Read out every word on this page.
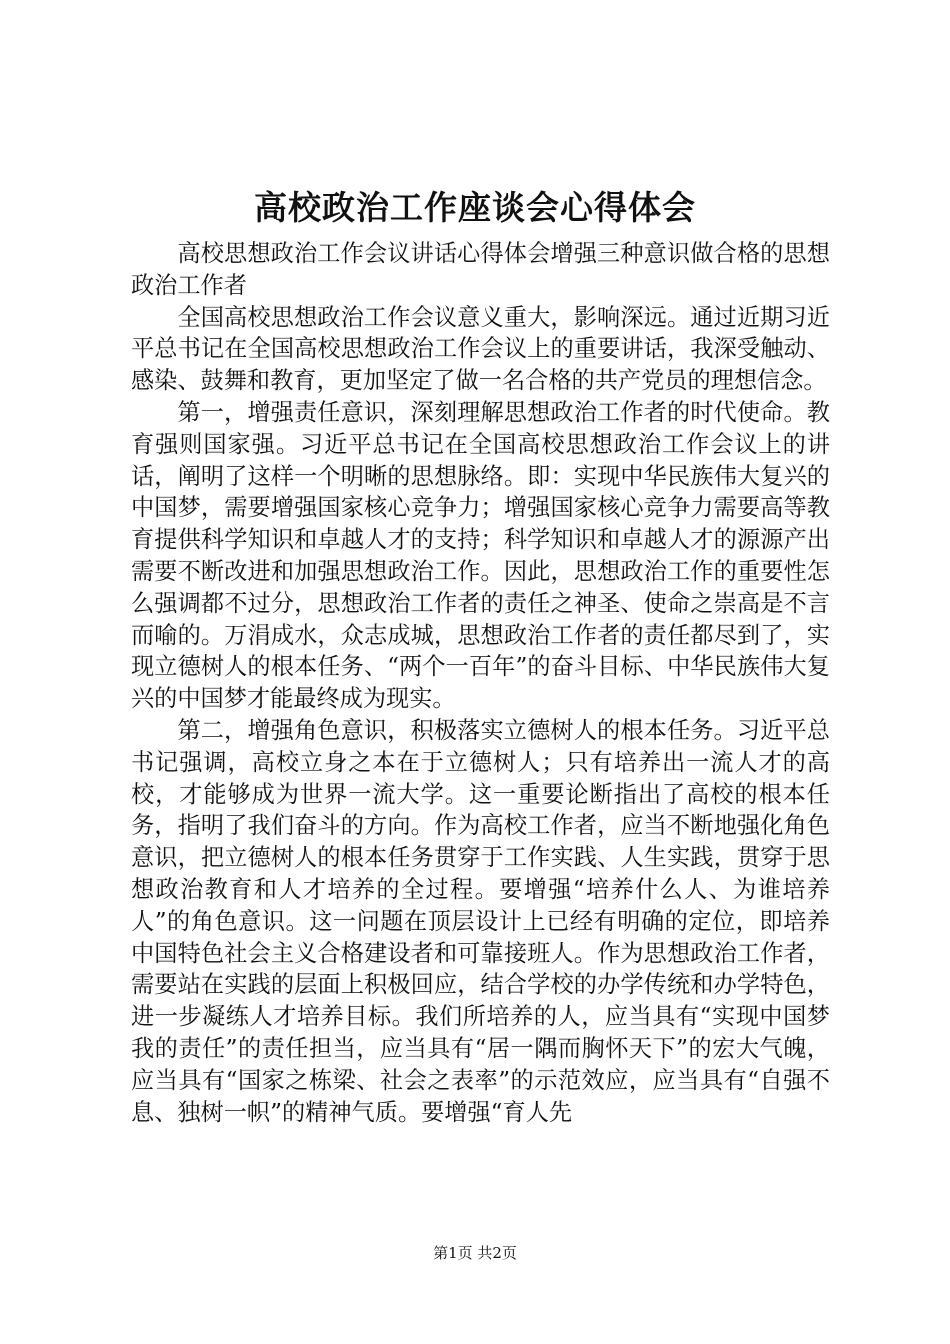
高校政治工作座谈会心得体会

高校思想政治工作会议讲话心得体会增强三种意识做合格的思想政治工作者

全国高校思想政治工作会议意义重大，影响深远。通过近期习近平总书记在全国高校思想政治工作会议上的重要讲话，我深受触动、感染、鼓舞和教育，更加坚定了做一名合格的共产党员的理想信念。

第一，增强责任意识，深刻理解思想政治工作者的时代使命。教育强则国家强。习近平总书记在全国高校思想政治工作会议上的讲话，阐明了这样一个明晰的思想脉络。即：实现中华民族伟大复兴的中国梦，需要增强国家核心竞争力；增强国家核心竞争力需要高等教育提供科学知识和卓越人才的支持；科学知识和卓越人才的源源产出需要不断改进和加强思想政治工作。因此，思想政治工作的重要性怎么强调都不过分，思想政治工作者的责任之神圣、使命之崇高是不言而喻的。万涓成水，众志成城，思想政治工作者的责任都尽到了，实现立德树人的根本任务、“两个一百年”的奋斗目标、中华民族伟大复兴的中国梦才能最终成为现实。

第二，增强角色意识，积极落实立德树人的根本任务。习近平总书记强调，高校立身之本在于立德树人；只有培养出一流人才的高校，才能够成为世界一流大学。这一重要论断指出了高校的根本任务，指明了我们奋斗的方向。作为高校工作者，应当不断地强化角色意识，把立德树人的根本任务贯穿于工作实践、人生实践，贯穿于思想政治教育和人才培养的全过程。要增强“培养什么人、为谁培养人”的角色意识。这一问题在顶层设计上已经有明确的定位，即培养中国特色社会主义合格建设者和可靠接班人。作为思想政治工作者，需要站在实践的层面上积极回应，结合学校的办学传统和办学特色，进一步凝练人才培养目标。我们所培养的人，应当具有“实现中国梦我的责任”的责任担当，应当具有“居一隅而胸怀天下”的宏大气魄，应当具有“国家之栋梁、社会之表率”的示范效应，应当具有“自强不息、独树一帜”的精神气质。要增强“育人先

第1页 共2页
